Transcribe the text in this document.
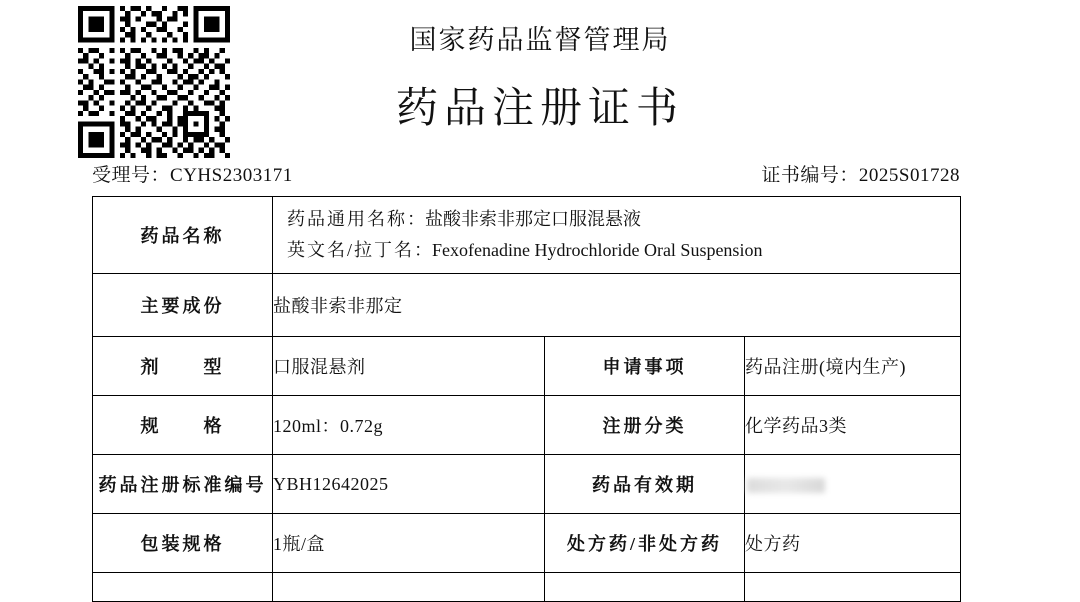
国家药品监督管理局
药品注册证书
受理号：CYHS2303171	证书编号：2025S01728
药品名称	药品通用名称：盐酸非索非那定口服混悬液
英文名/拉丁名：Fexofenadine Hydrochloride Oral Suspension		

主要成份	盐酸非索非那定		
剂　　型	口服混悬剂	申请事项	药品注册(境内生产)
规　　格	120ml：0.72g	注册分类	化学药品3类
药品注册标准编号	YBH12642025	药品有效期	
包装规格	1瓶/盒	处方药/非处方药	处方药
